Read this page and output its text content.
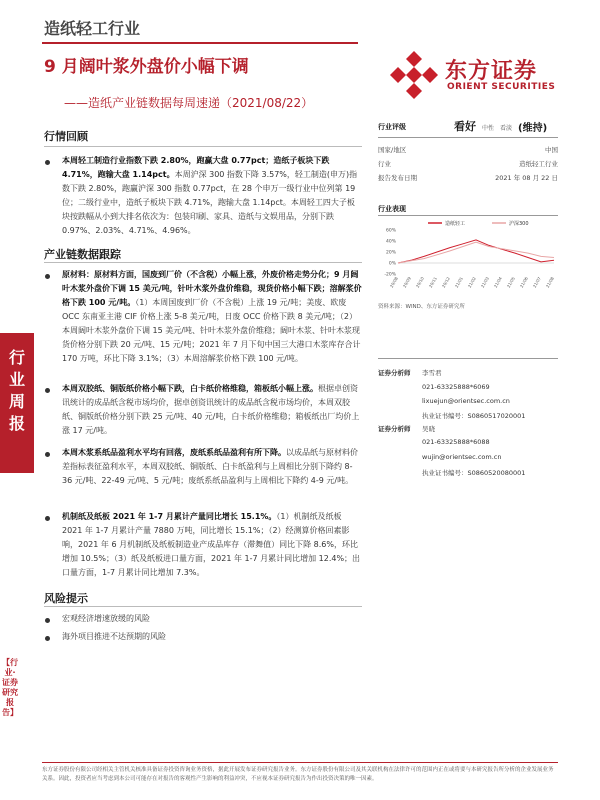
造纸轻工行业
9 月阔叶浆外盘价小幅下调
——造纸产业链数据每周速递（2021/08/22）
东方证券
ORIENT SECURITIES
行业周报
【行业·证券研究报告】
行情回顾
本周轻工制造行业指数下跌 2.80%，跑赢大盘 0.77pct；造纸子板块下跌 4.71%，跑输大盘 1.14pct。本周沪深 300 指数下降 3.57%，轻工制造(申万)指数下跌 2.80%，跑赢沪深 300 指数 0.77pct，在 28 个申万一级行业中位列第 19 位；二级行业中，造纸子板块下跌 4.71%，跑输大盘 1.14pct。本周轻工四大子板块按跌幅从小到大排名依次为：包装印刷、家具、造纸与文娱用品，分别下跌 0.97%、2.03%、4.71%、4.96%。
产业链数据跟踪
原材料：原材料方面，国废到厂价（不含税）小幅上涨，外废价格走势分化；9 月阔叶木浆外盘价下调 15 美元/吨，针叶木浆外盘价维稳，现货价格小幅下跌；溶解浆价格下跌 100 元/吨。（1）本周国废到厂价（不含税）上涨 19 元/吨；美废、欧废 OCC 东南亚主港 CIF 价格上涨 5-8 美元/吨，日废 OCC 价格下跌 8 美元/吨；（2）本周阔叶木浆外盘价下调 15 美元/吨、针叶木浆外盘价维稳；阔叶木浆、针叶木浆现货价格分别下跌 20 元/吨、15 元/吨；2021 年 7 月下旬中国三大港口木浆库存合计 170 万吨，环比下降 3.1%；（3）本周溶解浆价格下跌 100 元/吨。
本周双胶纸、铜版纸价格小幅下跌，白卡纸价格维稳，箱板纸小幅上涨。根据卓创资讯统计的成品纸含税市场均价，据卓创资讯统计的成品纸含税市场均价，本周双胶纸、铜版纸价格分别下跌 25 元/吨、40 元/吨，白卡纸价格维稳；箱板纸出厂均价上涨 17 元/吨。
本周木浆系纸品盈利水平均有回落，废纸系纸品盈利有所下降。以成品纸与原材料价差指标表征盈利水平，本周双胶纸、铜版纸、白卡纸盈利与上周相比分别下降约 8-36 元/吨、22-49 元/吨、5 元/吨；废纸系纸品盈利与上周相比下降约 4-9 元/吨。
机制纸及纸板 2021 年 1-7 月累计产量同比增长 15.1%。（1）机制纸及纸板 2021 年 1-7 月累计产量 7880 万吨，同比增长 15.1%；（2）经测算价格回素影响，2021 年 6 月机制纸及纸板制造业产成品库存（滞舞值）同比下降 8.6%，环比增加 10.5%；（3）纸及纸板进口量方面，2021 年 1-7 月累计同比增加 12.4%；出口量方面，1-7 月累计同比增加 7.3%。
风险提示
宏观经济增速放缓的风险
海外项目推进不达预期的风险
行业评级	看好 中性 看淡 (维持)
国家/地区	中国
行业	造纸轻工行业
报告发布日期	2021 年 08 月 22 日
行业表现
造纸轻工	沪深300
60%
40%
20%
0%
-20%
20/08 20/09 20/10 20/11 20/12 21/01 21/02 21/03 21/04 21/05 21/06 21/07 21/08
资料来源：WIND、东方证券研究所
证券分析师 李雪君
021-63325888*6069
lixuejun@orientsec.com.cn
执业证书编号：S0860517020001
证券分析师 吴晓
021-63325888*6088
wujin@orientsec.com.cn
执业证书编号：S0860520080001
东方证券股份有限公司经相关主管机关核准具备证券投资咨询业务资格，据此开展发布证券研究报告业务。东方证券股份有限公司及其关联机构在法律许可的范围内正在或将要与本研究报告所分析的企业发展业务关系。因此，投资者应当考虑到本公司可能存在对报告的客观性产生影响的利益冲突，不应视本证券研究报告为作出投资决策的唯一因素。
